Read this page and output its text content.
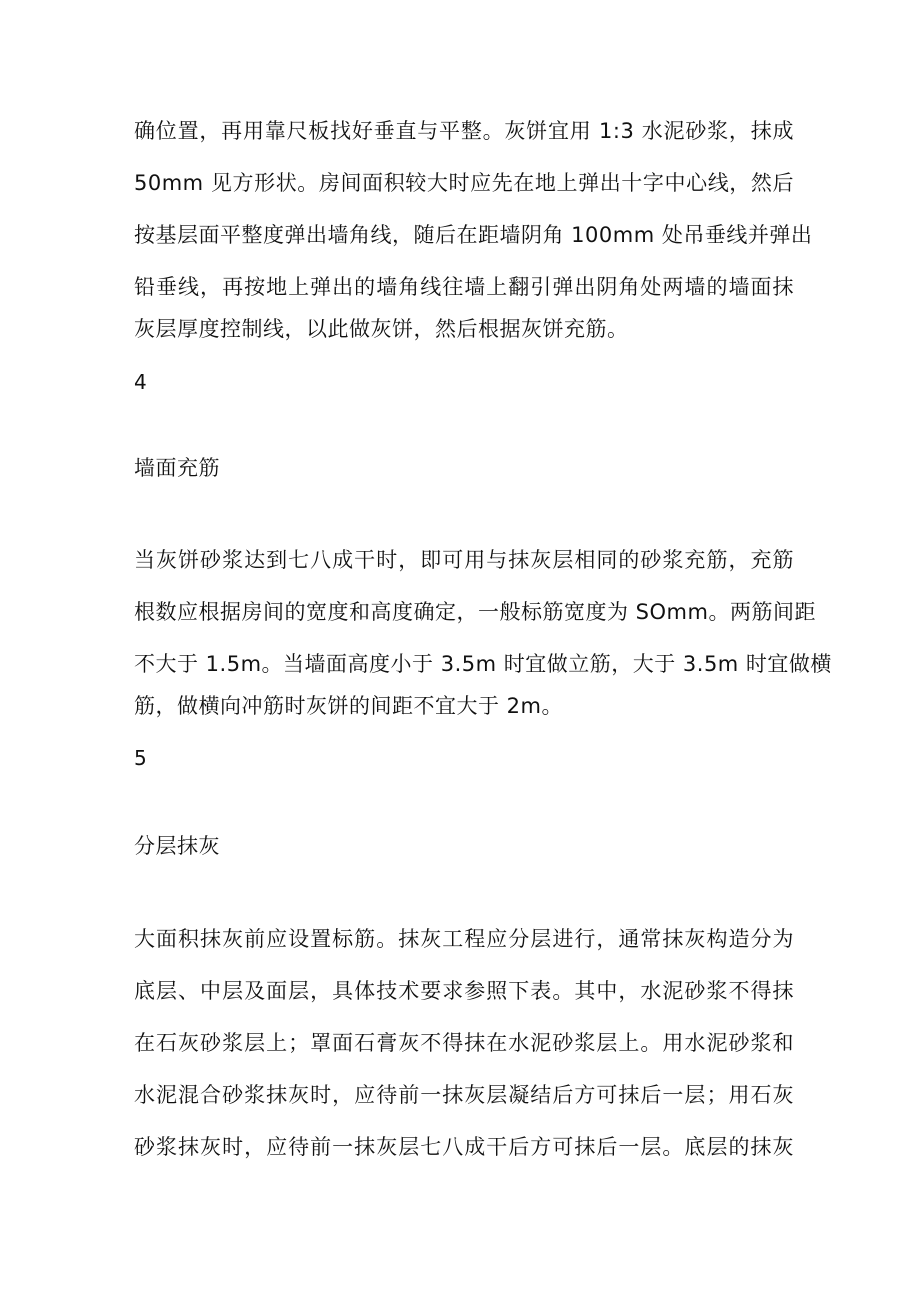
确位置，再用靠尺板找好垂直与平整。灰饼宜用 1:3 水泥砂浆，抹成
50mm 见方形状。房间面积较大时应先在地上弹出十字中心线，然后
按基层面平整度弹出墙角线，随后在距墙阴角 100mm 处吊垂线并弹出
铅垂线，再按地上弹出的墙角线往墙上翻引弹出阴角处两墙的墙面抹
灰层厚度控制线，以此做灰饼，然后根据灰饼充筋。
4
墙面充筋
当灰饼砂浆达到七八成干时，即可用与抹灰层相同的砂浆充筋，充筋
根数应根据房间的宽度和高度确定，一般标筋宽度为 SOmm。两筋间距
不大于 1.5m。当墙面高度小于 3.5m 时宜做立筋，大于 3.5m 时宜做横
筋，做横向冲筋时灰饼的间距不宜大于 2m。
5
分层抹灰
大面积抹灰前应设置标筋。抹灰工程应分层进行，通常抹灰构造分为
底层、中层及面层，具体技术要求参照下表。其中，水泥砂浆不得抹
在石灰砂浆层上；罩面石膏灰不得抹在水泥砂浆层上。用水泥砂浆和
水泥混合砂浆抹灰时，应待前一抹灰层凝结后方可抹后一层；用石灰
砂浆抹灰时，应待前一抹灰层七八成干后方可抹后一层。底层的抹灰
